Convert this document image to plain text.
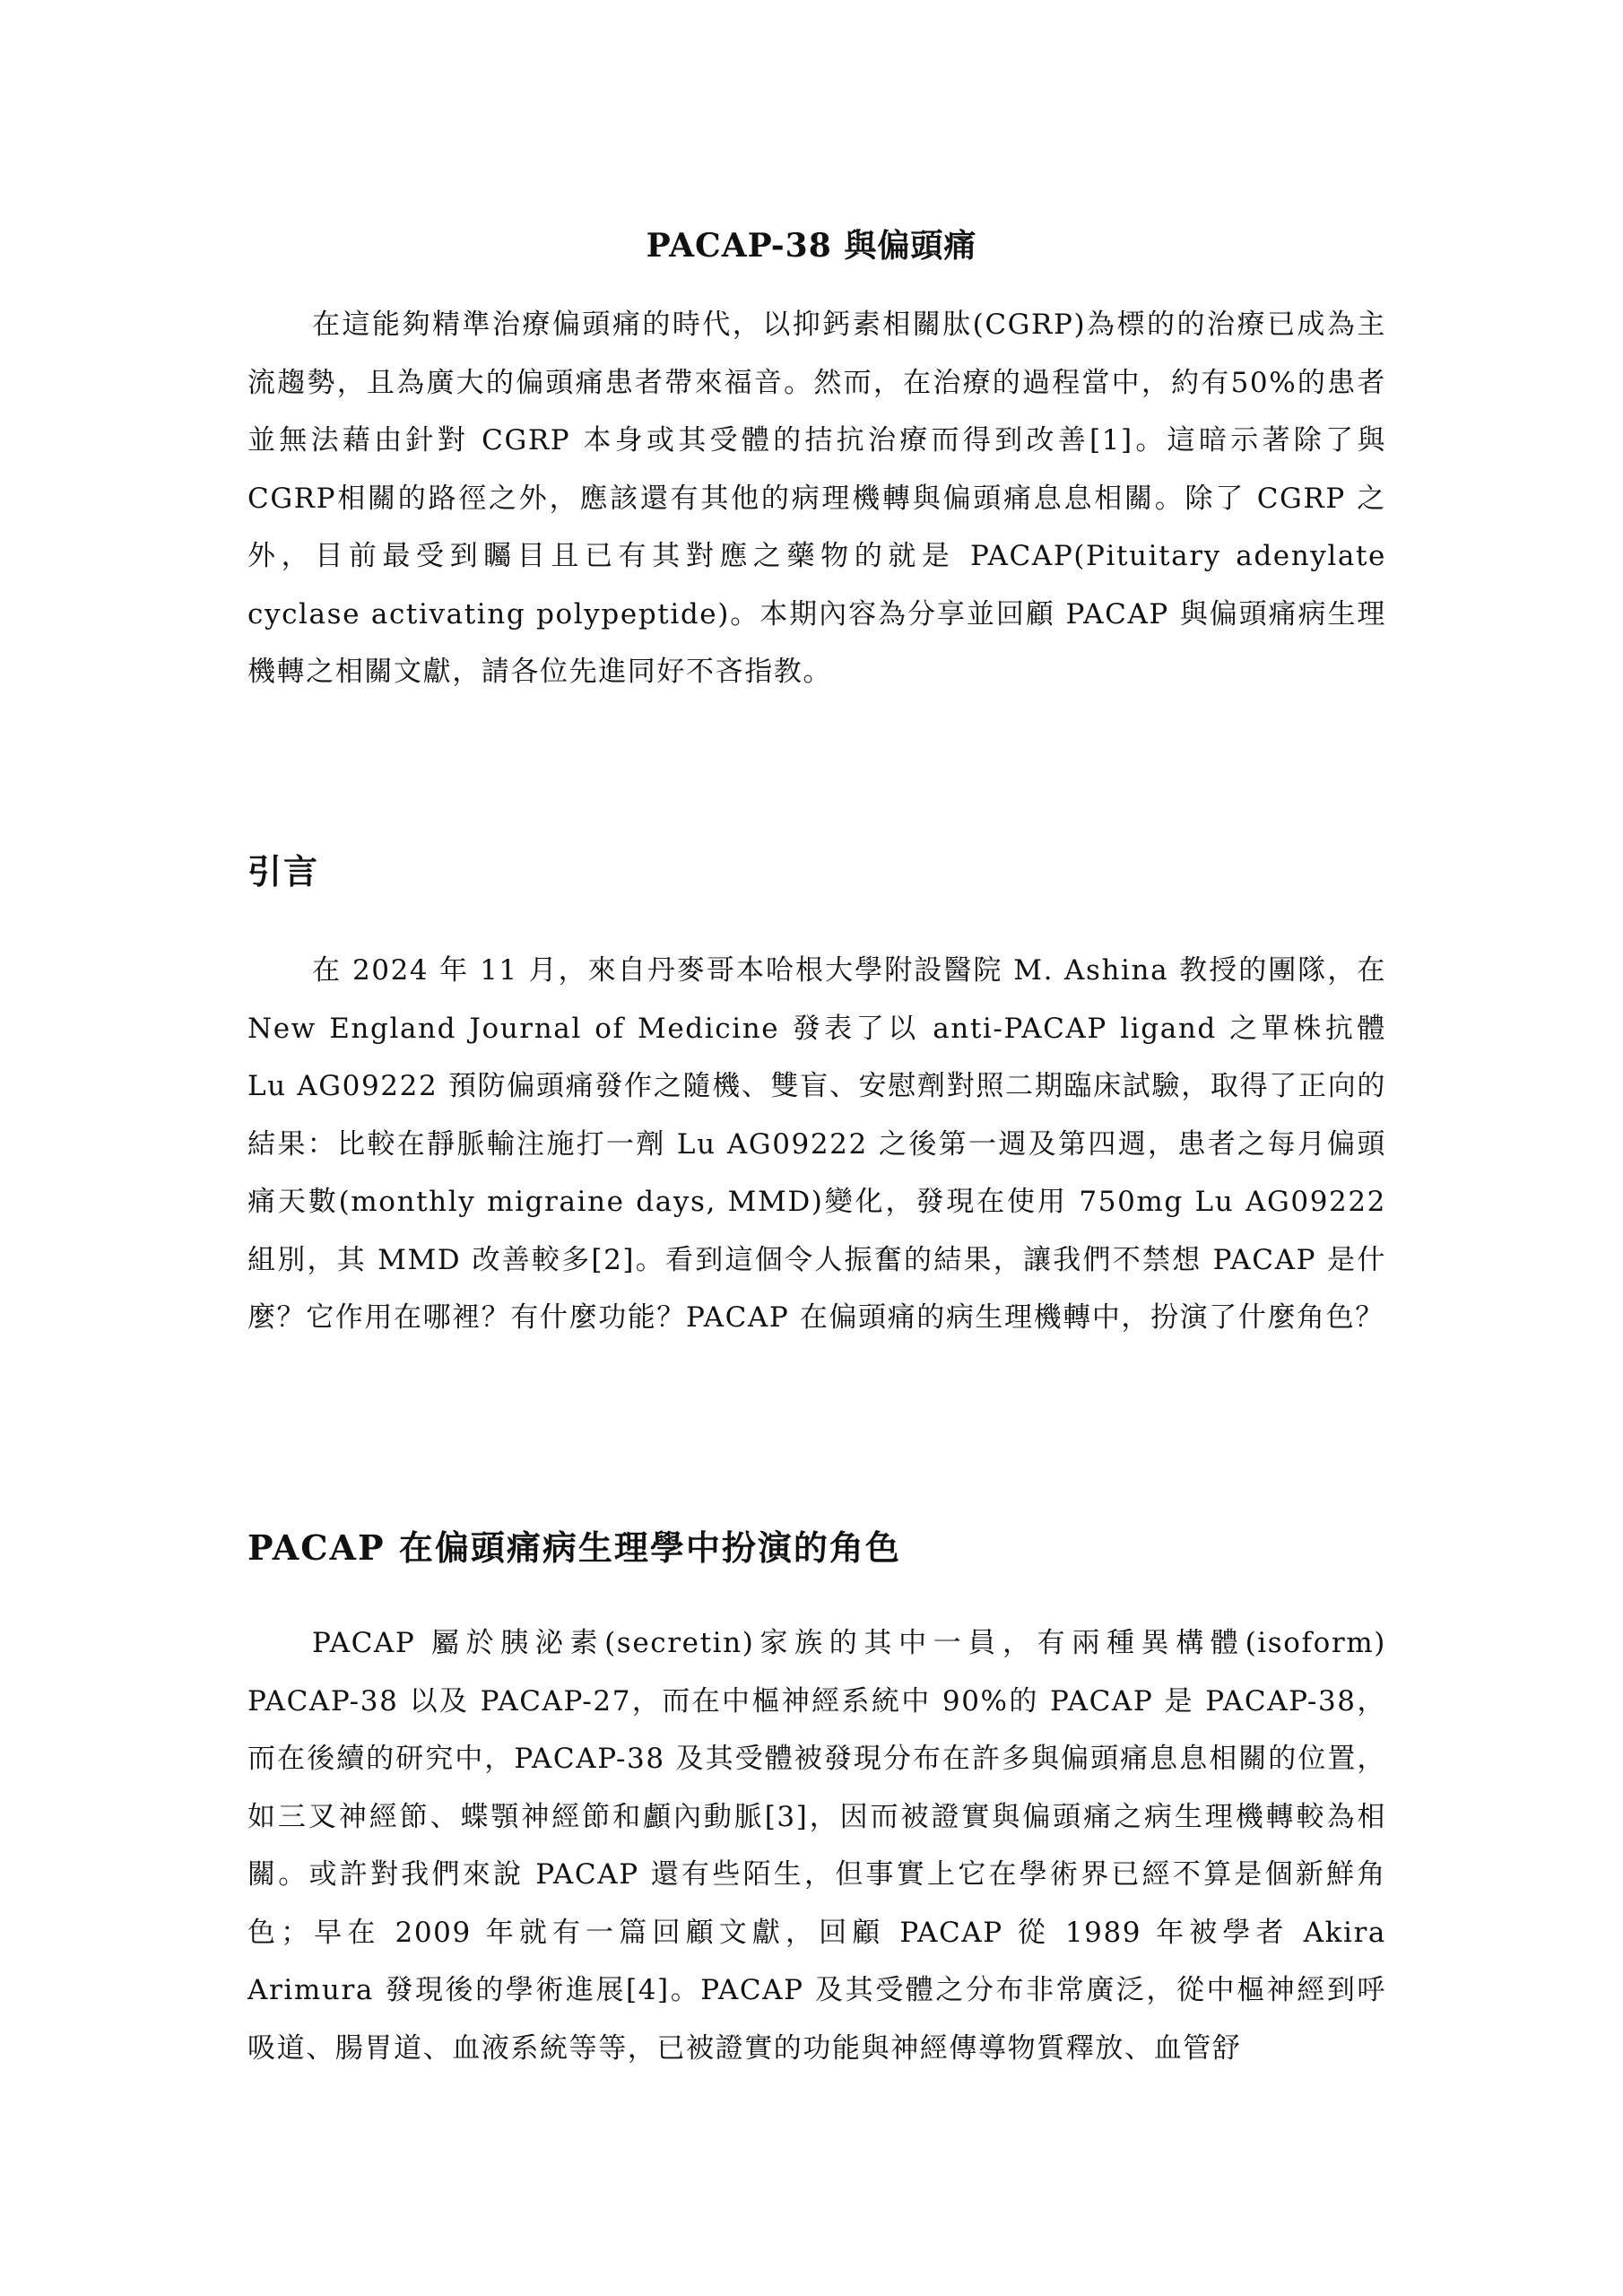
PACAP-38 與偏頭痛

在這能夠精準治療偏頭痛的時代，以抑鈣素相關肽(CGRP)為標的的治療已成為主流趨勢，且為廣大的偏頭痛患者帶來福音。然而，在治療的過程當中，約有50%的患者並無法藉由針對 CGRP 本身或其受體的拮抗治療而得到改善[1]。這暗示著除了與CGRP相關的路徑之外，應該還有其他的病理機轉與偏頭痛息息相關。除了 CGRP 之外，目前最受到矚目且已有其對應之藥物的就是 PACAP(Pituitary adenylate cyclase activating polypeptide)。本期內容為分享並回顧 PACAP 與偏頭痛病生理機轉之相關文獻，請各位先進同好不吝指教。

引言

在 2024 年 11 月，來自丹麥哥本哈根大學附設醫院 M. Ashina 教授的團隊，在 New England Journal of Medicine 發表了以 anti-PACAP ligand 之單株抗體 Lu AG09222 預防偏頭痛發作之隨機、雙盲、安慰劑對照二期臨床試驗，取得了正向的結果：比較在靜脈輸注施打一劑 Lu AG09222 之後第一週及第四週，患者之每月偏頭痛天數(monthly migraine days, MMD)變化，發現在使用 750mg Lu AG09222 組別，其 MMD 改善較多[2]。看到這個令人振奮的結果，讓我們不禁想 PACAP 是什麼？它作用在哪裡？有什麼功能？PACAP 在偏頭痛的病生理機轉中，扮演了什麼角色？

PACAP 在偏頭痛病生理學中扮演的角色

PACAP 屬於胰泌素(secretin)家族的其中一員，有兩種異構體(isoform) PACAP-38 以及 PACAP-27，而在中樞神經系統中 90%的 PACAP 是 PACAP-38，而在後續的研究中，PACAP-38 及其受體被發現分布在許多與偏頭痛息息相關的位置，如三叉神經節、蝶顎神經節和顱內動脈[3]，因而被證實與偏頭痛之病生理機轉較為相關。或許對我們來說 PACAP 還有些陌生，但事實上它在學術界已經不算是個新鮮角色；早在 2009 年就有一篇回顧文獻，回顧 PACAP 從 1989 年被學者 Akira Arimura 發現後的學術進展[4]。PACAP 及其受體之分布非常廣泛，從中樞神經到呼吸道、腸胃道、血液系統等等，已被證實的功能與神經傳導物質釋放、血管舒
